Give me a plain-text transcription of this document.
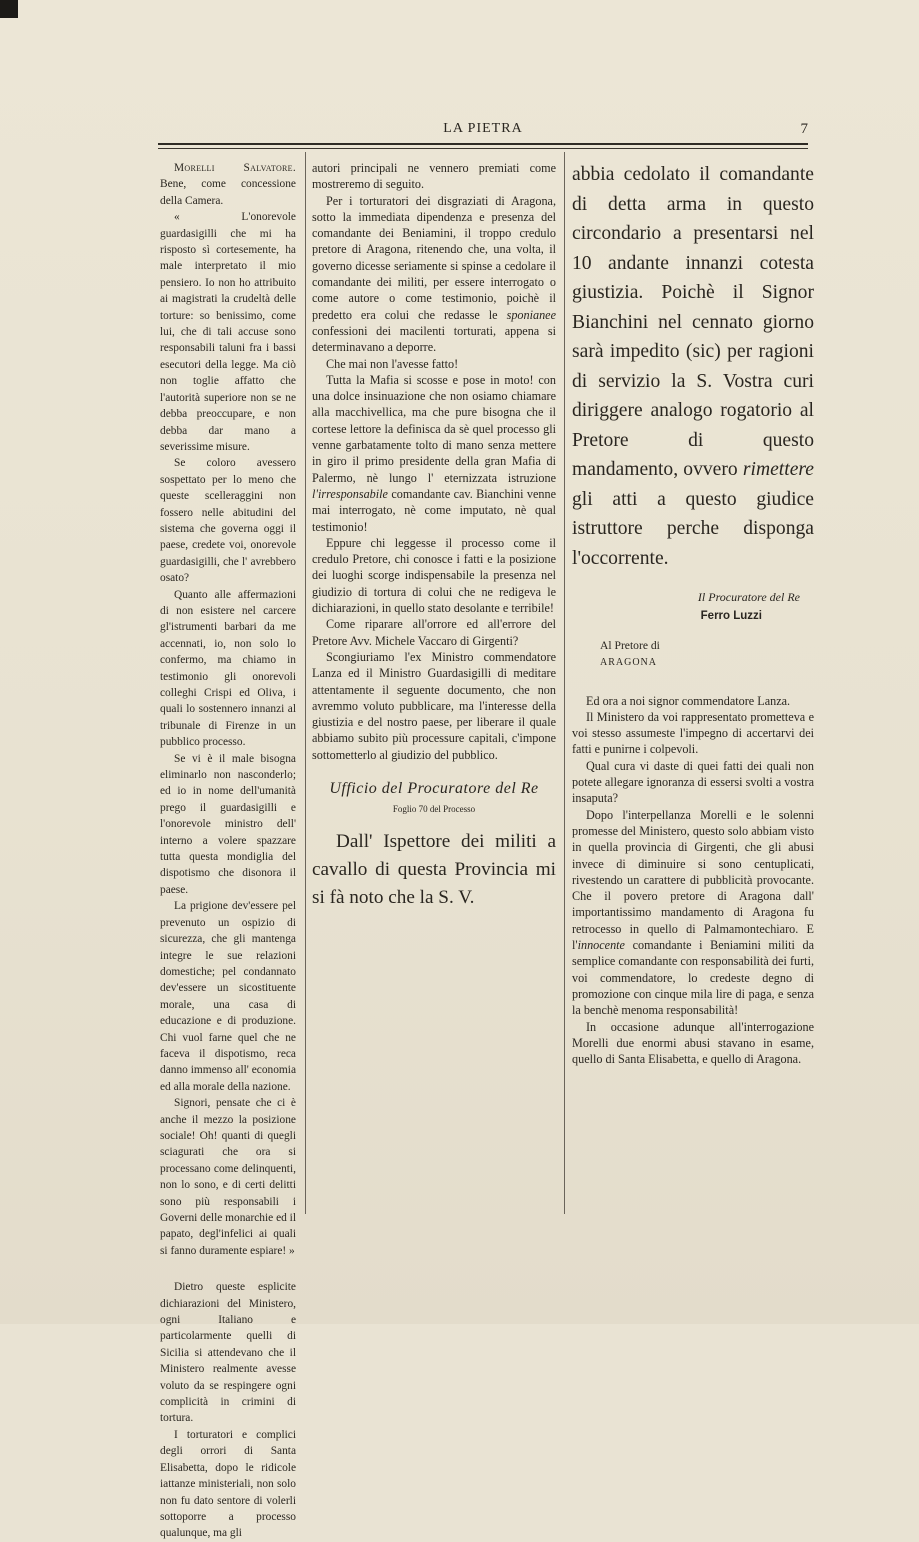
LA PIETRA	7

Morelli Salvatore. Bene, come concessione della Camera.

« L'onorevole guardasigilli che mi ha risposto sì cortesemente, ha male interpretato il mio pensiero. Io non ho attribuito ai magistrati la crudeltà delle torture: so benissimo, come lui, che di tali accuse sono responsabili taluni fra i bassi esecutori della legge. Ma ciò non toglie affatto che l'autorità superiore non se ne debba preoccupare, e non debba dar mano a severissime misure.

Se coloro avessero sospettato per lo meno che queste scelleraggini non fossero nelle abitudini del sistema che governa oggi il paese, credete voi, onorevole guardasigilli, che l' avrebbero osato?

Quanto alle affermazioni di non esistere nel carcere gl'istrumenti barbari da me accennati, io, non solo lo confermo, ma chiamo in testimonio gli onorevoli colleghi Crispi ed Oliva, i quali lo sostennero innanzi al tribunale di Firenze in un pubblico processo.

Se vi è il male bisogna eliminarlo non nasconderlo; ed io in nome dell'umanità prego il guardasigilli e l'onorevole ministro dell' interno a volere spazzare tutta questa mondiglia del dispotismo che disonora il paese.

La prigione dev'essere pel prevenuto un ospizio di sicurezza, che gli mantenga integre le sue relazioni domestiche; pel condannato dev'essere un sicostituente morale, una casa di educazione e di produzione. Chi vuol farne quel che ne faceva il dispotismo, reca danno immenso all' economia ed alla morale della nazione.

Signori, pensate che ci è anche il mezzo la posizione sociale! Oh! quanti di quegli sciagurati che ora si processano come delinquenti, non lo sono, e di certi delitti sono più responsabili i Governi delle monarchie ed il papato, degl'infelici ai quali si fanno duramente espiare! »

Dietro queste esplicite dichiarazioni del Ministero, ogni Italiano e particolarmente quelli di Sicilia si attendevano che il Ministero realmente avesse voluto da se respingere ogni complicità in crimini di tortura.

I torturatori e complici degli orrori di Santa Elisabetta, dopo le ridicole iattanze ministeriali, non solo non fu dato sentore di volerli sottoporre a processo qualunque, ma gli

autori principali ne vennero premiati come mostreremo di seguito.

Per i torturatori dei disgraziati di Aragona, sotto la immediata dipendenza e presenza del comandante dei Beniamini, il troppo credulo pretore di Aragona, ritenendo che, una volta, il governo dicesse seriamente si spinse a cedolare il comandante dei militi, per essere interrogato o come autore o come testimonio, poichè il predetto era colui che redasse le sponianee confessioni dei macilenti torturati, appena si determinavano a deporre.

Che mai non l'avesse fatto!

Tutta la Mafia si scosse e pose in moto! con una dolce insinuazione che non osiamo chiamare alla macchivellica, ma che pure bisogna che il cortese lettore la definisca da sè quel processo gli venne garbatamente tolto di mano senza mettere in giro il primo presidente della gran Mafia di Palermo, nè lungo l' eternizzata istruzione l'irresponsabile comandante cav. Bianchini venne mai interrogato, nè come imputato, nè qual testimonio!

Eppure chi leggesse il processo come il credulo Pretore, chi conosce i fatti e la posizione dei luoghi scorge indispensabile la presenza nel giudizio di tortura di colui che ne redigeva le dichiarazioni, in quello stato desolante e terribile!

Come riparare all'orrore ed all'errore del Pretore Avv. Michele Vaccaro di Girgenti?

Scongiuriamo l'ex Ministro commendatore Lanza ed il Ministro Guardasigilli di meditare attentamente il seguente documento, che non avremmo voluto pubblicare, ma l'interesse della giustizia e del nostro paese, per liberare il quale abbiamo subito più processure capitali, c'impone sottometterlo al giudizio del pubblico.

Ufficio del Procuratore del Re
Foglio 70 del Processo

Dall' Ispettore dei militi a cavallo di questa Provincia mi si fà noto che la S. V.

abbia cedolato il comandante di detta arma in questo circondario a presentarsi nel 10 andante innanzi cotesta giustizia. Poichè il Signor Bianchini nel cennato giorno sarà impedito (sic) per ragioni di servizio la S. Vostra curi diriggere analogo rogatorio al Pretore di questo mandamento, ovvero rimettere gli atti a questo giudice istruttore perche disponga l'occorrente.

Il Procuratore del Re
Ferro Luzzi
Al Pretore di
ARAGONA

Ed ora a noi signor commendatore Lanza.

Il Ministero da voi rappresentato prometteva e voi stesso assumeste l'impegno di accertarvi dei fatti e punirne i colpevoli.

Qual cura vi daste di quei fatti dei quali non potete allegare ignoranza di essersi svolti a vostra insaputa?

Dopo l'interpellanza Morelli e le solenni promesse del Ministero, questo solo abbiam visto in quella provincia di Girgenti, che gli abusi invece di diminuire si sono centuplicati, rivestendo un carattere di pubblicità provocante. Che il povero pretore di Aragona dall' importantissimo mandamento di Aragona fu retrocesso in quello di Palmamontechiaro. E l'innocente comandante i Beniamini militi da semplice comandante con responsabilità dei furti, voi commendatore, lo credeste degno di promozione con cinque mila lire di paga, e senza la benchè menoma responsabilità!

In occasione adunque all'interrogazione Morelli due enormi abusi stavano in esame, quello di Santa Elisabetta, e quello di Aragona.
